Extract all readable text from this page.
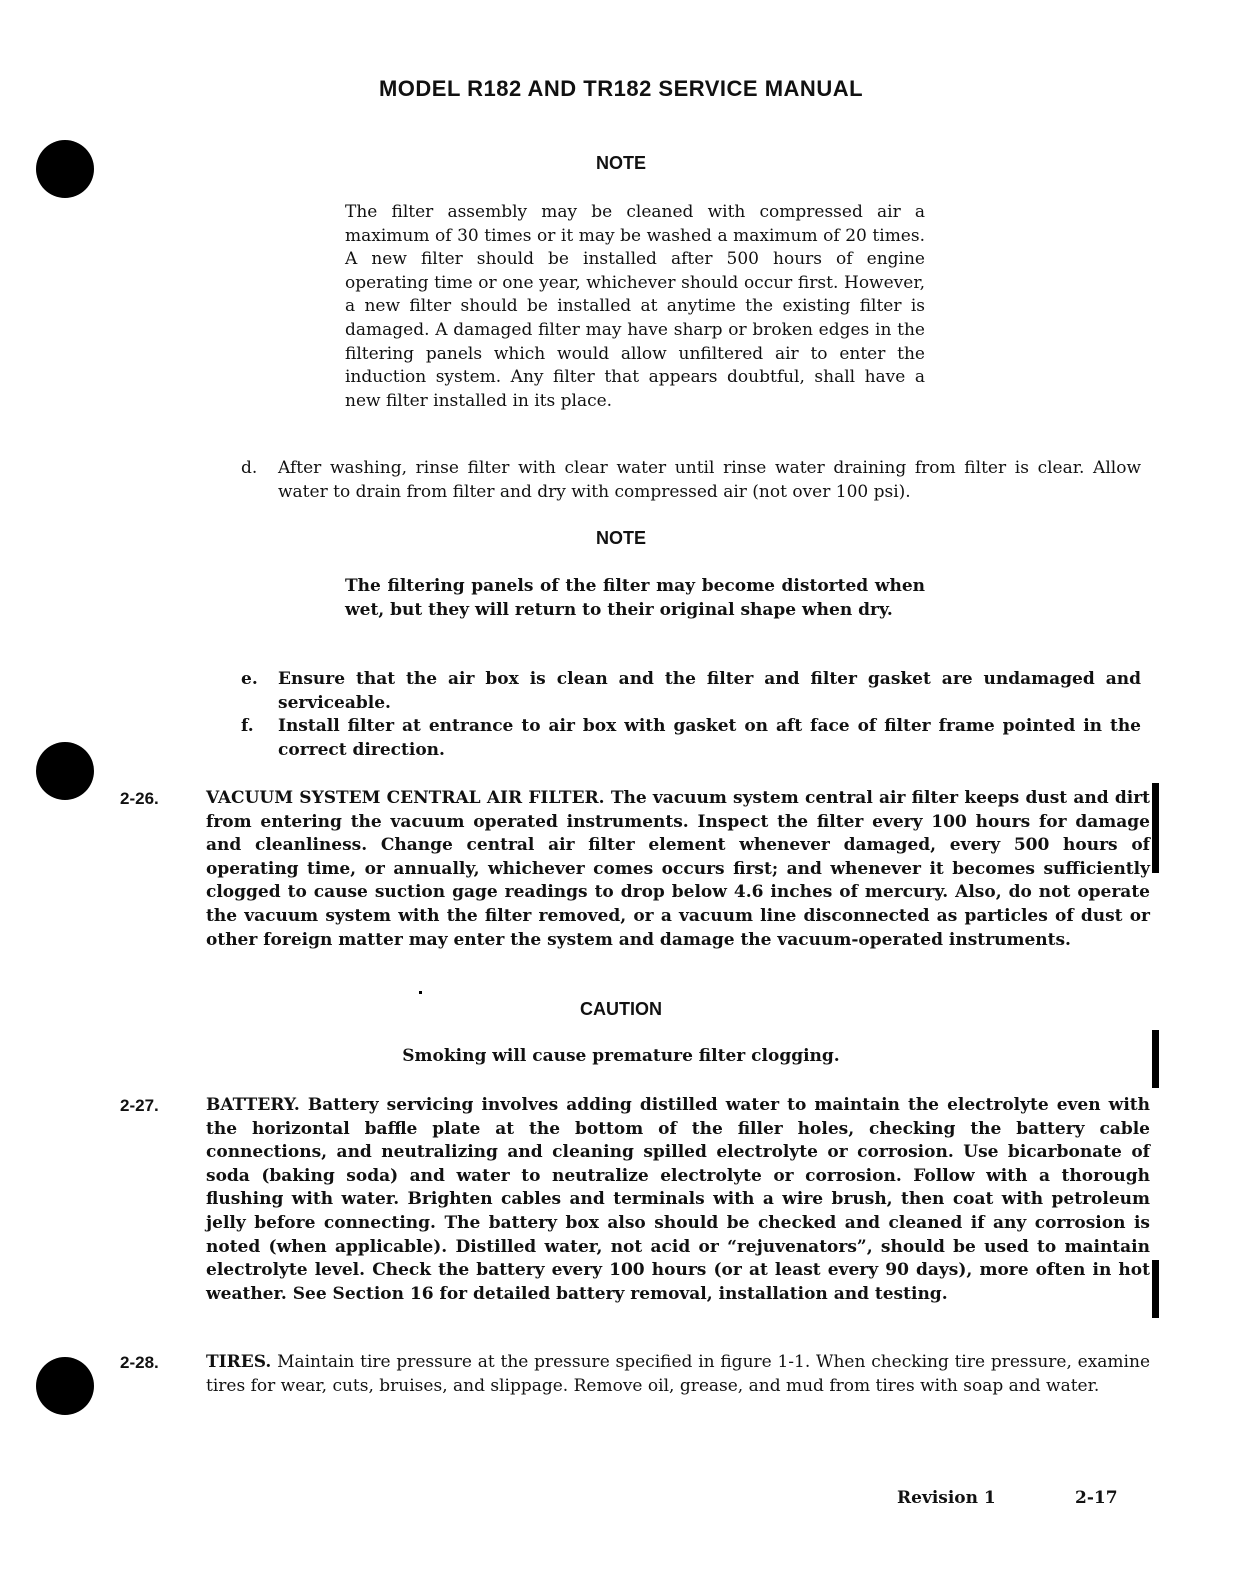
MODEL R182 AND TR182 SERVICE MANUAL
NOTE
The filter assembly may be cleaned with compressed air a maximum of 30 times or it may be washed a maximum of 20 times. A new filter should be installed after 500 hours of engine operating time or one year, whichever should occur first. However, a new filter should be installed at anytime the existing filter is damaged. A damaged filter may have sharp or broken edges in the filtering panels which would allow unfiltered air to enter the induction system. Any filter that appears doubtful, shall have a new filter installed in its place.
d. After washing, rinse filter with clear water until rinse water draining from filter is clear. Allow water to drain from filter and dry with compressed air (not over 100 psi).
NOTE
The filtering panels of the filter may become distorted when wet, but they will return to their original shape when dry.
e. Ensure that the air box is clean and the filter and filter gasket are undamaged and serviceable.
f. Install filter at entrance to air box with gasket on aft face of filter frame pointed in the correct direction.
2-26.	VACUUM SYSTEM CENTRAL AIR FILTER. The vacuum system central air filter keeps dust and dirt from entering the vacuum operated instruments. Inspect the filter every 100 hours for damage and cleanliness. Change central air filter element whenever damaged, every 500 hours of operating time, or annually, whichever comes occurs first; and whenever it becomes sufficiently clogged to cause suction gage readings to drop below 4.6 inches of mercury. Also, do not operate the vacuum system with the filter removed, or a vacuum line disconnected as particles of dust or other foreign matter may enter the system and damage the vacuum-operated instruments.
CAUTION
Smoking will cause premature filter clogging.
2-27.	BATTERY. Battery servicing involves adding distilled water to maintain the electrolyte even with the horizontal baffle plate at the bottom of the filler holes, checking the battery cable connections, and neutralizing and cleaning spilled electrolyte or corrosion. Use bicarbonate of soda (baking soda) and water to neutralize electrolyte or corrosion. Follow with a thorough flushing with water. Brighten cables and terminals with a wire brush, then coat with petroleum jelly before connecting. The battery box also should be checked and cleaned if any corrosion is noted (when applicable). Distilled water, not acid or “rejuvenators”, should be used to maintain electrolyte level. Check the battery every 100 hours (or at least every 90 days), more often in hot weather. See Section 16 for detailed battery removal, installation and testing.
2-28.	TIRES. Maintain tire pressure at the pressure specified in figure 1-1. When checking tire pressure, examine tires for wear, cuts, bruises, and slippage. Remove oil, grease, and mud from tires with soap and water.
Revision 1	2-17
